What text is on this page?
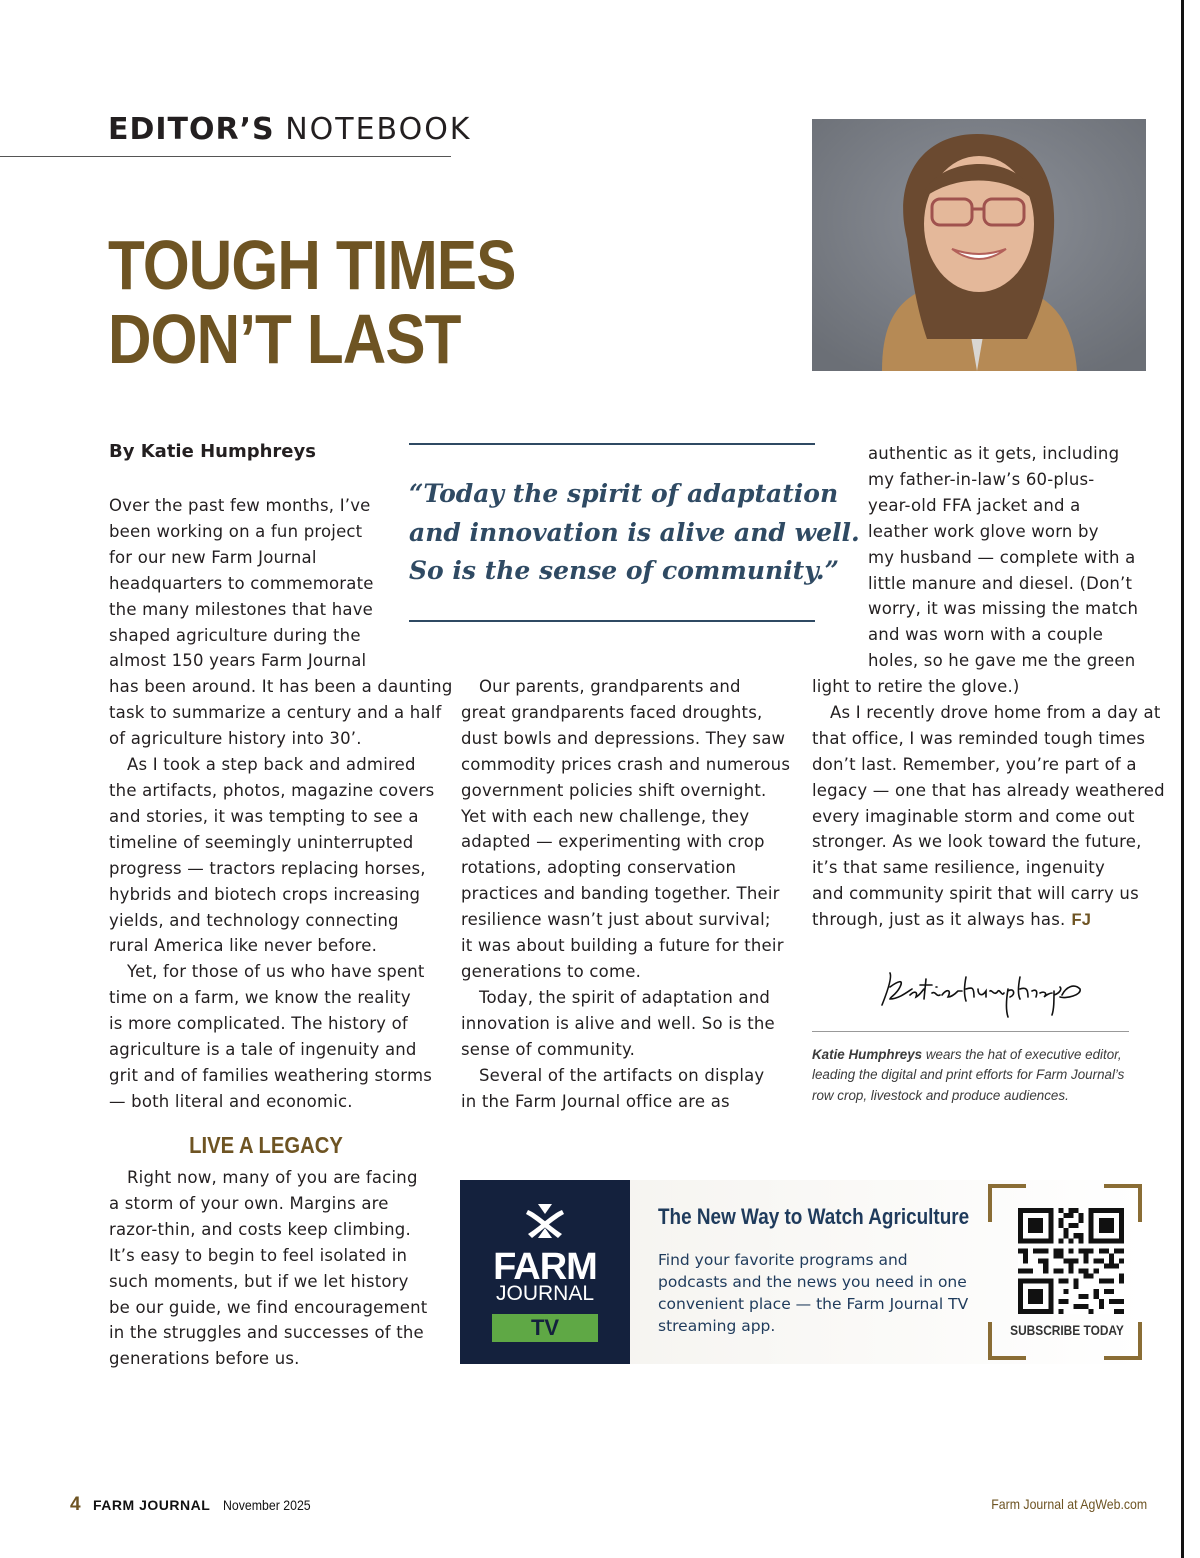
EDITOR’S NOTEBOOK
TOUGH TIMES
DON’T LAST
By Katie Humphreys

Over the past few months, I’ve
been working on a fun project
for our new Farm Journal
headquarters to commemorate
the many milestones that have
shaped agriculture during the
almost 150 years Farm Journal
has been around. It has been a daunting
task to summarize a century and a half
of agriculture history into 30’.

As I took a step back and admired
the artifacts, photos, magazine covers
and stories, it was tempting to see a
timeline of seemingly uninterrupted
progress — tractors replacing horses,
hybrids and biotech crops increasing
yields, and technology connecting
rural America like never before.

Yet, for those of us who have spent
time on a farm, we know the reality
is more complicated. The history of
agriculture is a tale of ingenuity and
grit and of families weathering storms
— both literal and economic.

LIVE A LEGACY

Right now, many of you are facing
a storm of your own. Margins are
razor-thin, and costs keep climbing.
It’s easy to begin to feel isolated in
such moments, but if we let history
be our guide, we find encouragement
in the struggles and successes of the
generations before us.

“Today the spirit of adaptation
and innovation is alive and well.
So is the sense of community.”

Our parents, grandparents and
great grandparents faced droughts,
dust bowls and depressions. They saw
commodity prices crash and numerous
government policies shift overnight.
Yet with each new challenge, they
adapted — experimenting with crop
rotations, adopting conservation
practices and banding together. Their
resilience wasn’t just about survival;
it was about building a future for their
generations to come.

Today, the spirit of adaptation and
innovation is alive and well. So is the
sense of community.

Several of the artifacts on display
in the Farm Journal office are as

authentic as it gets, including
my father-in-law’s 60-plus-
year-old FFA jacket and a
leather work glove worn by
my husband — complete with a
little manure and diesel. (Don’t
worry, it was missing the match
and was worn with a couple
holes, so he gave me the green

light to retire the glove.)

As I recently drove home from a day at
that office, I was reminded tough times
don’t last. Remember, you’re part of a
legacy — one that has already weathered
every imaginable storm and come out
stronger. As we look toward the future,
it’s that same resilience, ingenuity
and community spirit that will carry us
through, just as it always has. FJ

Katie Humphreys wears the hat of executive editor,
leading the digital and print efforts for Farm Journal’s
row crop, livestock and produce audiences.
FARM
JOURNAL
TV
The New Way to Watch Agriculture
Find your favorite programs and
podcasts and the news you need in one
convenient place — the Farm Journal TV
streaming app.	SUBSCRIBE TODAY
4 FARM JOURNAL November 2025	Farm Journal at AgWeb.com
